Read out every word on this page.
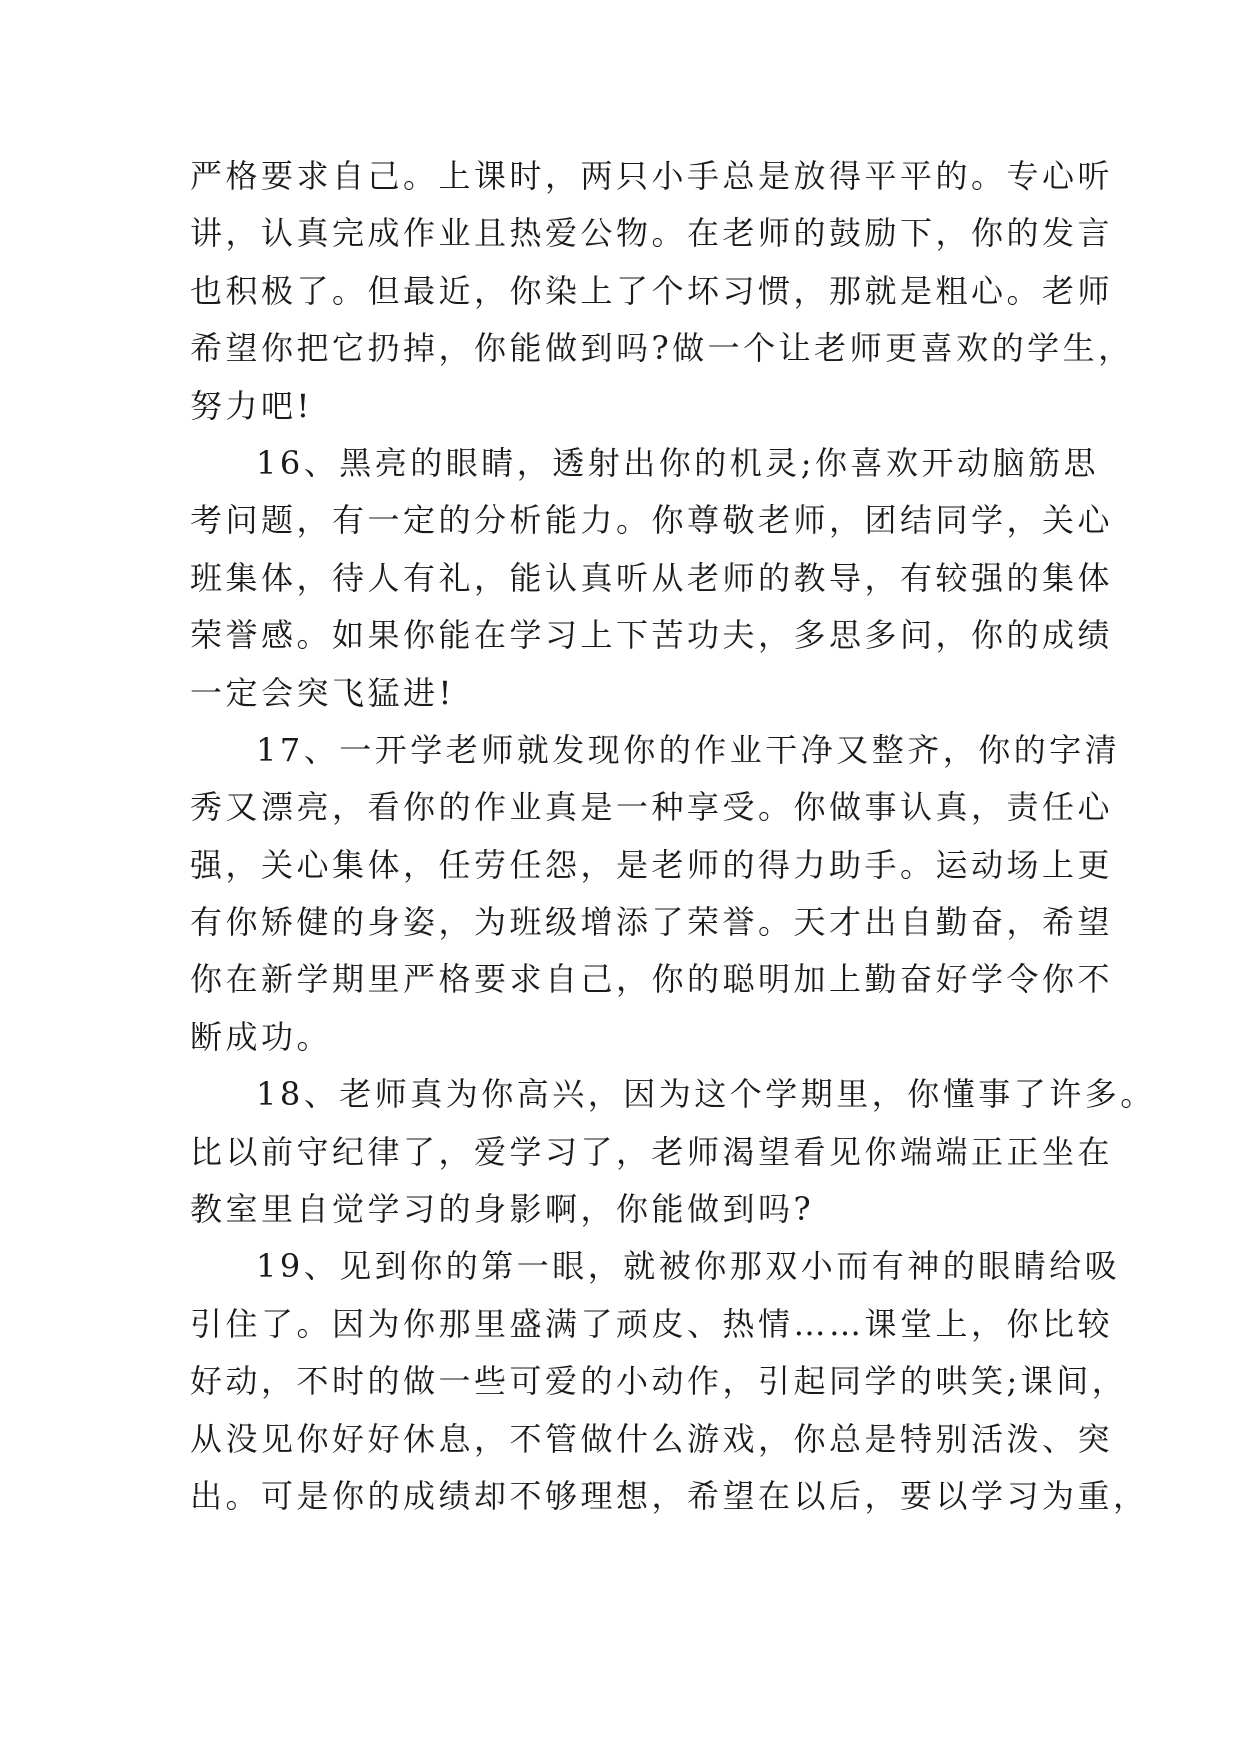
严格要求自己。上课时，两只小手总是放得平平的。专心听
讲，认真完成作业且热爱公物。在老师的鼓励下，你的发言
也积极了。但最近，你染上了个坏习惯，那就是粗心。老师
希望你把它扔掉，你能做到吗?做一个让老师更喜欢的学生，
努力吧!
16、黑亮的眼睛，透射出你的机灵;你喜欢开动脑筋思
考问题，有一定的分析能力。你尊敬老师，团结同学，关心
班集体，待人有礼，能认真听从老师的教导，有较强的集体
荣誉感。如果你能在学习上下苦功夫，多思多问，你的成绩
一定会突飞猛进!
17、一开学老师就发现你的作业干净又整齐，你的字清
秀又漂亮，看你的作业真是一种享受。你做事认真，责任心
强，关心集体，任劳任怨，是老师的得力助手。运动场上更
有你矫健的身姿，为班级增添了荣誉。天才出自勤奋，希望
你在新学期里严格要求自己，你的聪明加上勤奋好学令你不
断成功。
18、老师真为你高兴，因为这个学期里，你懂事了许多。
比以前守纪律了，爱学习了，老师渴望看见你端端正正坐在
教室里自觉学习的身影啊，你能做到吗?
19、见到你的第一眼，就被你那双小而有神的眼睛给吸
引住了。因为你那里盛满了顽皮、热情……课堂上，你比较
好动，不时的做一些可爱的小动作，引起同学的哄笑;课间，
从没见你好好休息，不管做什么游戏，你总是特别活泼、突
出。可是你的成绩却不够理想，希望在以后，要以学习为重，
